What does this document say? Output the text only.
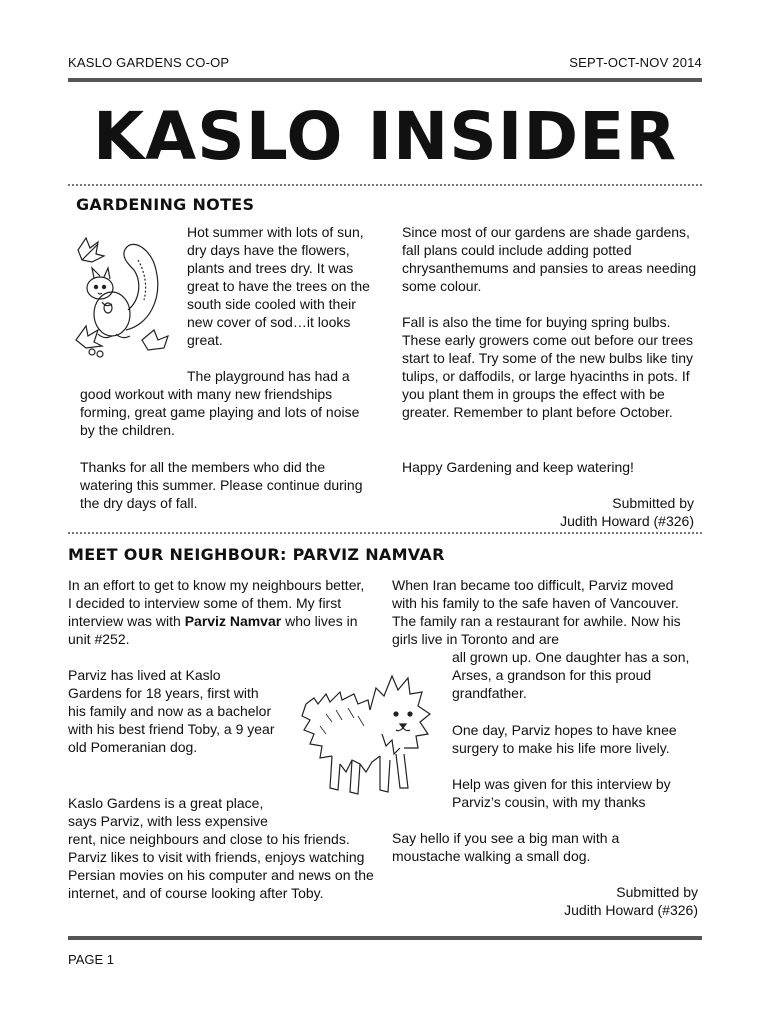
KASLO GARDENS CO-OP	SEPT-OCT-NOV 2014
KASLO INSIDER
GARDENING NOTES
Hot summer with lots of sun, dry days have the flowers, plants and trees dry. It was great to have the trees on the south side cooled with their new cover of sod…it looks great.
The playground has had a
good workout with many new friendships forming, great game playing and lots of noise by the children.
Thanks for all the members who did the watering this summer. Please continue during the dry days of fall.
Since most of our gardens are shade gardens, fall plans could include adding potted chrysanthemums and pansies to areas needing some colour.
Fall is also the time for buying spring bulbs. These early growers come out before our trees start to leaf. Try some of the new bulbs like tiny tulips, or daffodils, or large hyacinths in pots. If you plant them in groups the effect with be greater. Remember to plant before October.
Happy Gardening and keep watering!
Submitted by
Judith Howard (#326)
MEET OUR NEIGHBOUR: PARVIZ NAMVAR
In an effort to get to know my neighbours better, I decided to interview some of them. My first interview was with Parviz Namvar who lives in unit #252.
Parviz has lived at Kaslo Gardens for 18 years, first with his family and now as a bachelor with his best friend Toby, a 9 year old Pomeranian dog.
Kaslo Gardens is a great place, says Parviz, with less expensive
rent, nice neighbours and close to his friends. Parviz likes to visit with friends, enjoys watching Persian movies on his computer and news on the internet, and of course looking after Toby.
When Iran became too difficult, Parviz moved with his family to the safe haven of Vancouver. The family ran a restaurant for awhile. Now his girls live in Toronto and are
all grown up. One daughter has a son, Arses, a grandson for this proud grandfather.
One day, Parviz hopes to have knee surgery to make his life more lively.
Help was given for this interview by Parviz’s cousin, with my thanks
Say hello if you see a big man with a moustache walking a small dog.
Submitted by
Judith Howard (#326)
PAGE 1
